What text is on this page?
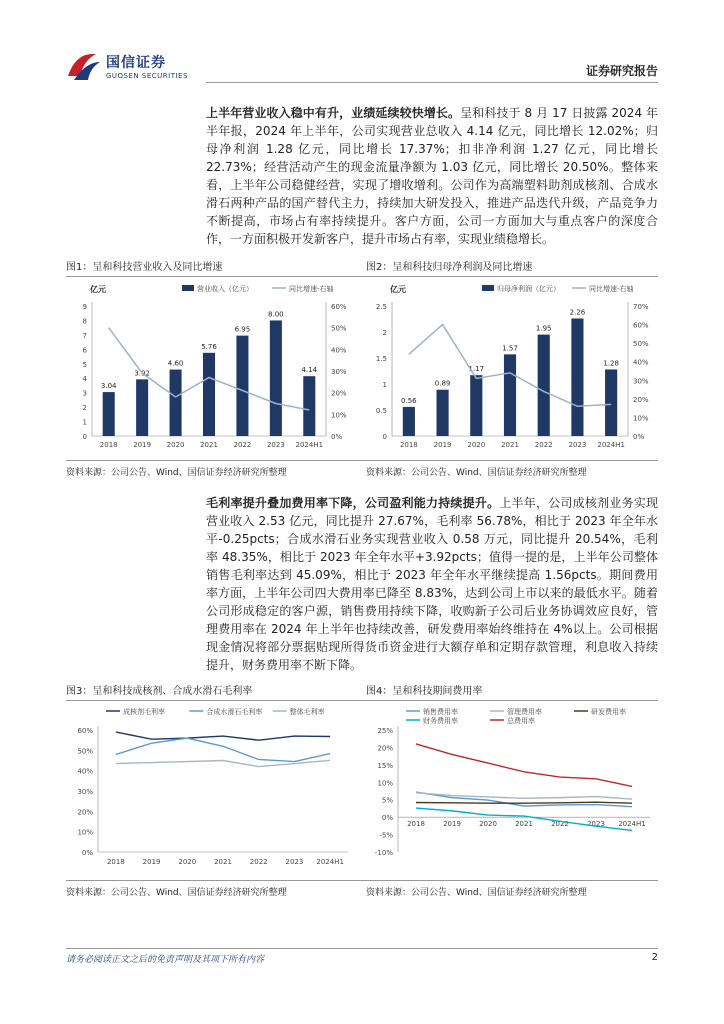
国信证券
GUOSEN SECURITIES	证券研究报告

上半年营业收入稳中有升，业绩延续较快增长。呈和科技于 8 月 17 日披露 2024 年半年报，2024 年上半年，公司实现营业总收入 4.14 亿元，同比增长 12.02%；归母净利润 1.28 亿元，同比增长 17.37%；扣非净利润 1.27 亿元，同比增长 22.73%；经营活动产生的现金流量净额为 1.03 亿元，同比增长 20.50%。整体来看，上半年公司稳健经营，实现了增收增利。公司作为高端塑料助剂成核剂、合成水滑石两种产品的国产替代主力，持续加大研发投入，推进产品迭代升级，产品竞争力不断提高，市场占有率持续提升。客户方面，公司一方面加大与重点客户的深度合作，一方面积极开发新客户，提升市场占有率，实现业绩稳增长。

图1：呈和科技营业收入及同比增速
亿元	营业收入（亿元）	同比增速-右轴
0
1
2
3
4
5
6
7
8
9
0%
10%
20%
30%
40%
50%
60%
3.04
2018
3.92
2019
4.60
2020
5.76
2021
6.95
2022
8.00
2023
4.14
2024H1
资料来源：公司公告、Wind、国信证券经济研究所整理
图2：呈和科技归母净利润及同比增速
亿元	归母净利润（亿元）	同比增速-右轴
0
0.5
1
1.5
2
2.5
0%
10%
20%
30%
40%
50%
60%
70%
0.56
2018
0.89
2019
1.17
2020
1.57
2021
1.95
2022
2.26
2023
1.28
2024H1
资料来源：公司公告、Wind、国信证券经济研究所整理

毛利率提升叠加费用率下降，公司盈利能力持续提升。上半年，公司成核剂业务实现营业收入 2.53 亿元，同比提升 27.67%，毛利率 56.78%，相比于 2023 年全年水平-0.25pcts；合成水滑石业务实现营业收入 0.58 万元，同比提升 20.54%，毛利率 48.35%，相比于 2023 年全年水平+3.92pcts；值得一提的是，上半年公司整体销售毛利率达到 45.09%，相比于 2023 年全年水平继续提高 1.56pcts。期间费用率方面，上半年公司四大费用率已降至 8.83%，达到公司上市以来的最低水平。随着公司形成稳定的客户源，销售费用持续下降，收购新子公司后业务协调效应良好，管理费用率在 2024 年上半年也持续改善，研发费用率始终维持在 4%以上。公司根据现金情况将部分票据贴现所得货币资金进行大额存单和定期存款管理，利息收入持续提升，财务费用率不断下降。

图3：呈和科技成核剂、合成水滑石毛利率
成核剂毛利率	合成水滑石毛利率	整体毛利率
0%
10%
20%
30%
40%
50%
60%
2018	2019	2020	2021	2022	2023 2024H1
资料来源：公司公告、Wind、国信证券经济研究所整理
图4：呈和科技期间费用率
销售费用率	管理费用率	研发费用率
财务费用率	总费用率
-10%
-5%
0%
5%
10%
15%
20%
25%
2018	2019	2020	2021	2022	2023 2024H1
资料来源：公司公告、Wind、国信证券经济研究所整理
请务必阅读正文之后的免责声明及其项下所有内容	2
